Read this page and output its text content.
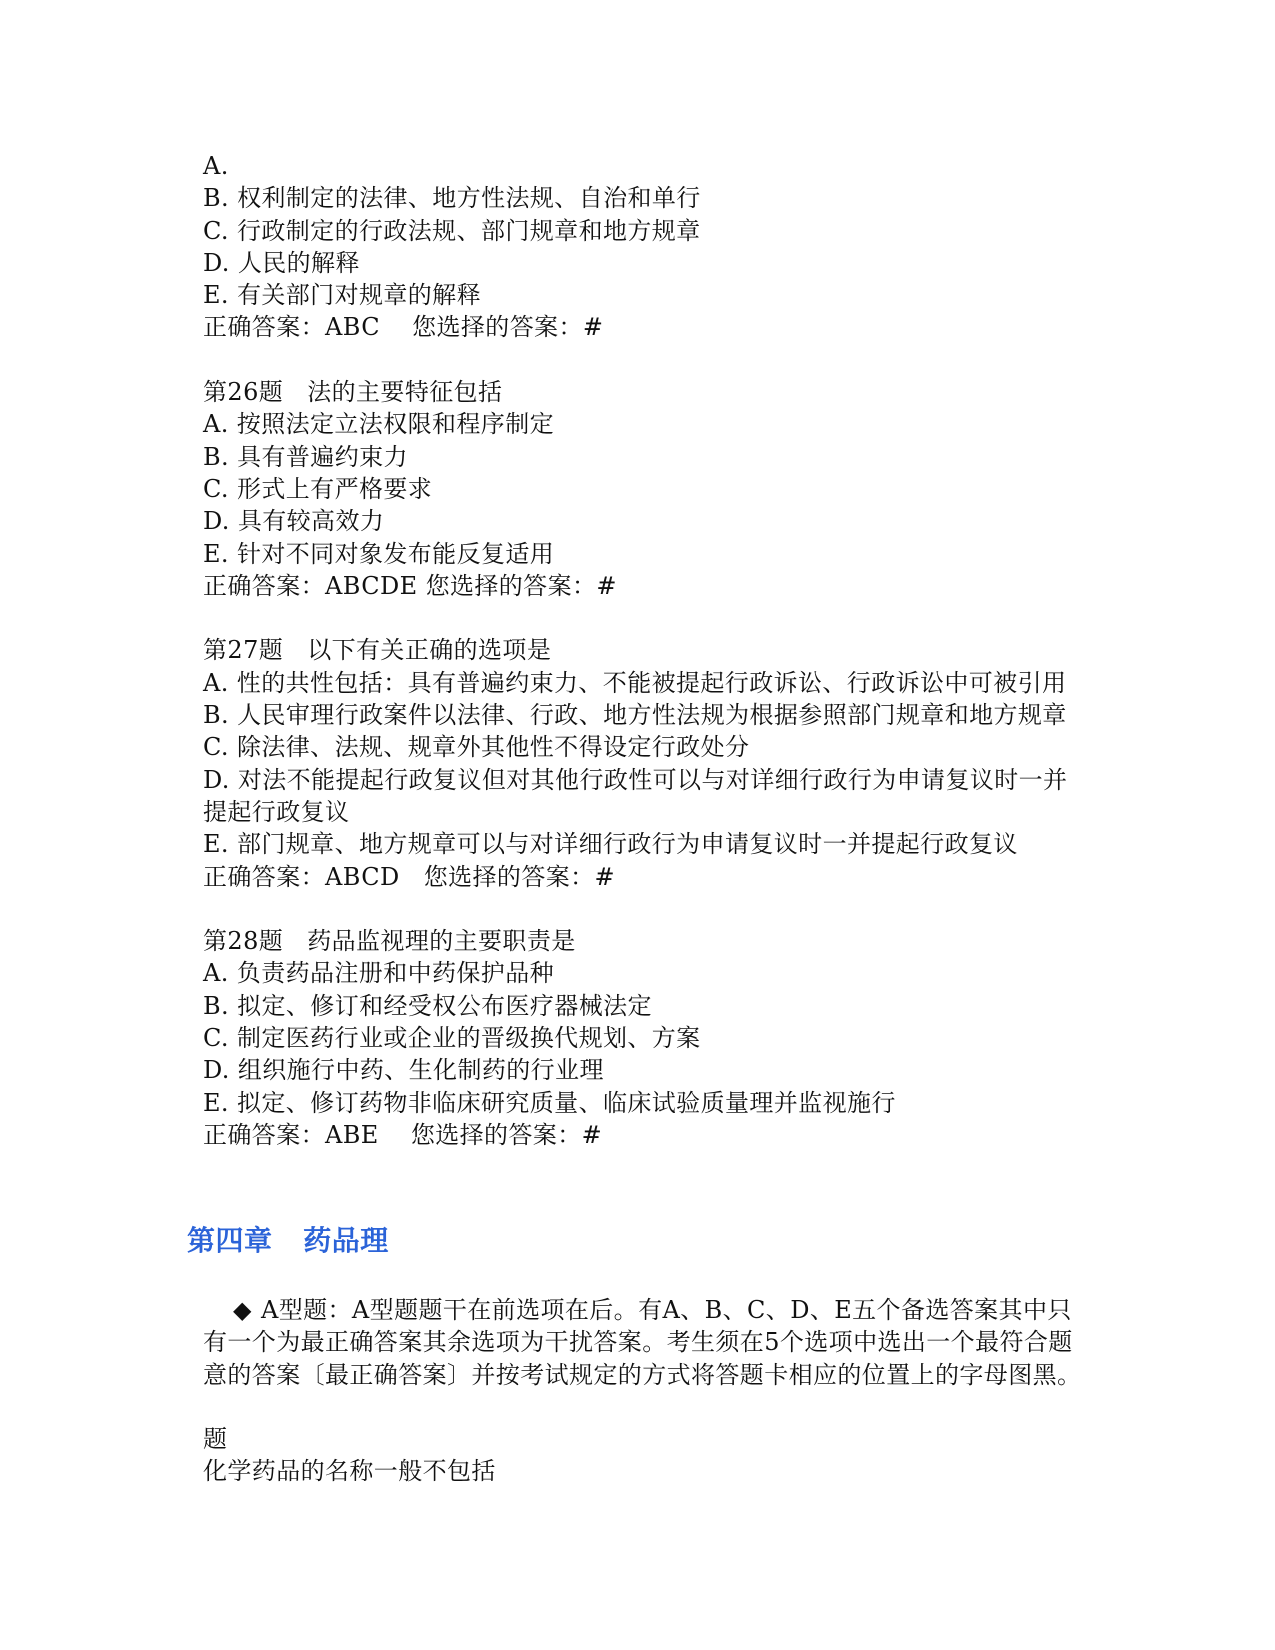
A.
B. 权利制定的法律、地方性法规、自治和单行
C. 行政制定的行政法规、部门规章和地方规章
D. 人民的解释
E. 有关部门对规章的解释
正确答案：ABC 您选择的答案：#
第26题   法的主要特征包括
A. 按照法定立法权限和程序制定
B. 具有普遍约束力
C. 形式上有严格要求
D. 具有较高效力
E. 针对不同对象发布能反复适用
正确答案：ABCDE 您选择的答案：#
第27题   以下有关正确的选项是
A. 性的共性包括：具有普遍约束力、不能被提起行政诉讼、行政诉讼中可被引用
B. 人民审理行政案件以法律、行政、地方性法规为根据参照部门规章和地方规章
C. 除法律、法规、规章外其他性不得设定行政处分
D. 对法不能提起行政复议但对其他行政性可以与对详细行政行为申请复议时一并提起行政复议
E. 部门规章、地方规章可以与对详细行政行为申请复议时一并提起行政复议
正确答案：ABCD 您选择的答案：#
第28题   药品监视理的主要职责是
A. 负责药品注册和中药保护品种
B. 拟定、修订和经受权公布医疗器械法定
C. 制定医药行业或企业的晋级换代规划、方案
D. 组织施行中药、生化制药的行业理
E. 拟定、修订药物非临床研究质量、临床试验质量理并监视施行
正确答案：ABE 您选择的答案：#
第四章   药品理
◆ A型题：A型题题干在前选项在后。有A、B、C、D、E五个备选答案其中只有一个为最正确答案其余选项为干扰答案。考生须在5个选项中选出一个最符合题意的答案〔最正确答案〕并按考试规定的方式将答题卡相应的位置上的字母图黑。
题
化学药品的名称一般不包括
